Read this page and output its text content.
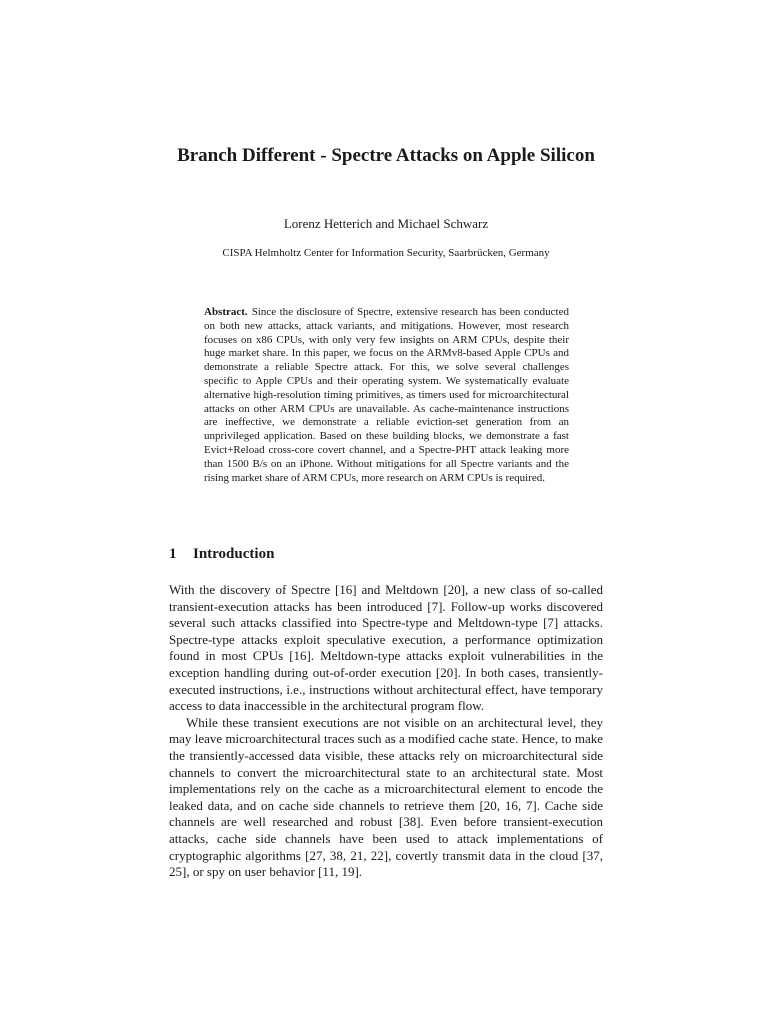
Branch Different - Spectre Attacks on Apple Silicon
Lorenz Hetterich and Michael Schwarz
CISPA Helmholtz Center for Information Security, Saarbrücken, Germany
Abstract. Since the disclosure of Spectre, extensive research has been conducted on both new attacks, attack variants, and mitigations. However, most research focuses on x86 CPUs, with only very few insights on ARM CPUs, despite their huge market share. In this paper, we focus on the ARMv8-based Apple CPUs and demonstrate a reliable Spectre attack. For this, we solve several challenges specific to Apple CPUs and their operating system. We systematically evaluate alternative high-resolution timing primitives, as timers used for microarchitectural attacks on other ARM CPUs are unavailable. As cache-maintenance instructions are ineffective, we demonstrate a reliable eviction-set generation from an unprivileged application. Based on these building blocks, we demonstrate a fast Evict+Reload cross-core covert channel, and a Spectre-PHT attack leaking more than 1500 B/s on an iPhone. Without mitigations for all Spectre variants and the rising market share of ARM CPUs, more research on ARM CPUs is required.
1 Introduction

With the discovery of Spectre [16] and Meltdown [20], a new class of so-called transient-execution attacks has been introduced [7]. Follow-up works discovered several such attacks classified into Spectre-type and Meltdown-type [7] attacks. Spectre-type attacks exploit speculative execution, a performance optimization found in most CPUs [16]. Meltdown-type attacks exploit vulnerabilities in the exception handling during out-of-order execution [20]. In both cases, transiently-executed instructions, i.e., instructions without architectural effect, have temporary access to data inaccessible in the architectural program flow.

While these transient executions are not visible on an architectural level, they may leave microarchitectural traces such as a modified cache state. Hence, to make the transiently-accessed data visible, these attacks rely on microarchitectural side channels to convert the microarchitectural state to an architectural state. Most implementations rely on the cache as a microarchitectural element to encode the leaked data, and on cache side channels to retrieve them [20, 16, 7]. Cache side channels are well researched and robust [38]. Even before transient-execution attacks, cache side channels have been used to attack implementations of cryptographic algorithms [27, 38, 21, 22], covertly transmit data in the cloud [37, 25], or spy on user behavior [11, 19].
